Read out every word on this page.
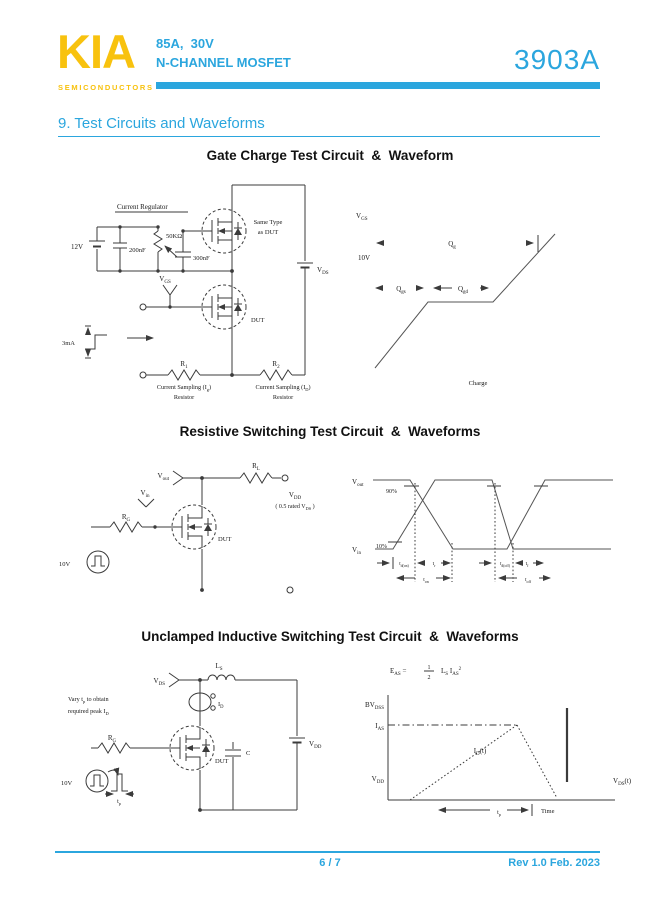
KIA
SEMICONDUCTORS
85A,  30V
N-CHANNEL MOSFET	3903A
9. Test Circuits and Waveforms
Gate Charge Test Circuit  &  Waveform
Resistive Switching Test Circuit  &  Waveforms
Unclamped Inductive Switching Test Circuit  &  Waveforms
Current Regulator
12V	200nF
50KΩ
300nF
$V_{DS}$
Same Type
as DUT
DUT
$V_{GS}$
3mA
$R_1$	$R_2$
Current Sampling $(I_g)$
Resistor
Current Sampling $(I_D)$
Resistor
$V_{GS}$
10V
$Q_g$
$Q_{gs}$	$Q_{gd}$
Charge
$V_{out}$
$R_L$
$V_{DD}$
( 0.5 rated $V_{DS}$ )
DUT
$V_{in}$
$R_G$
10V
$V_{out}$
90%
$V_{in}$
10%
$t_{d(on)}$	$t_r$
$t_{on}$
$t_{d(off)}$	$t_f$
$t_{off}$
$V_{DS}$
$L_S$
$V_{DD}$
$I_D$
Vary $t_p$ to obtain
required peak $I_D$
DUT
$R_G$
C
10V
$t_p$
$E_{AS}$ =	1
2
$L_S$ $I_{AS}^2$
$BV_{DSS}$
$I_{AS}$
$V_{DD}$
$I_D(t)$
$V_{DS}(t)$
$t_p$	Time
6 / 7	Rev 1.0 Feb. 2023
